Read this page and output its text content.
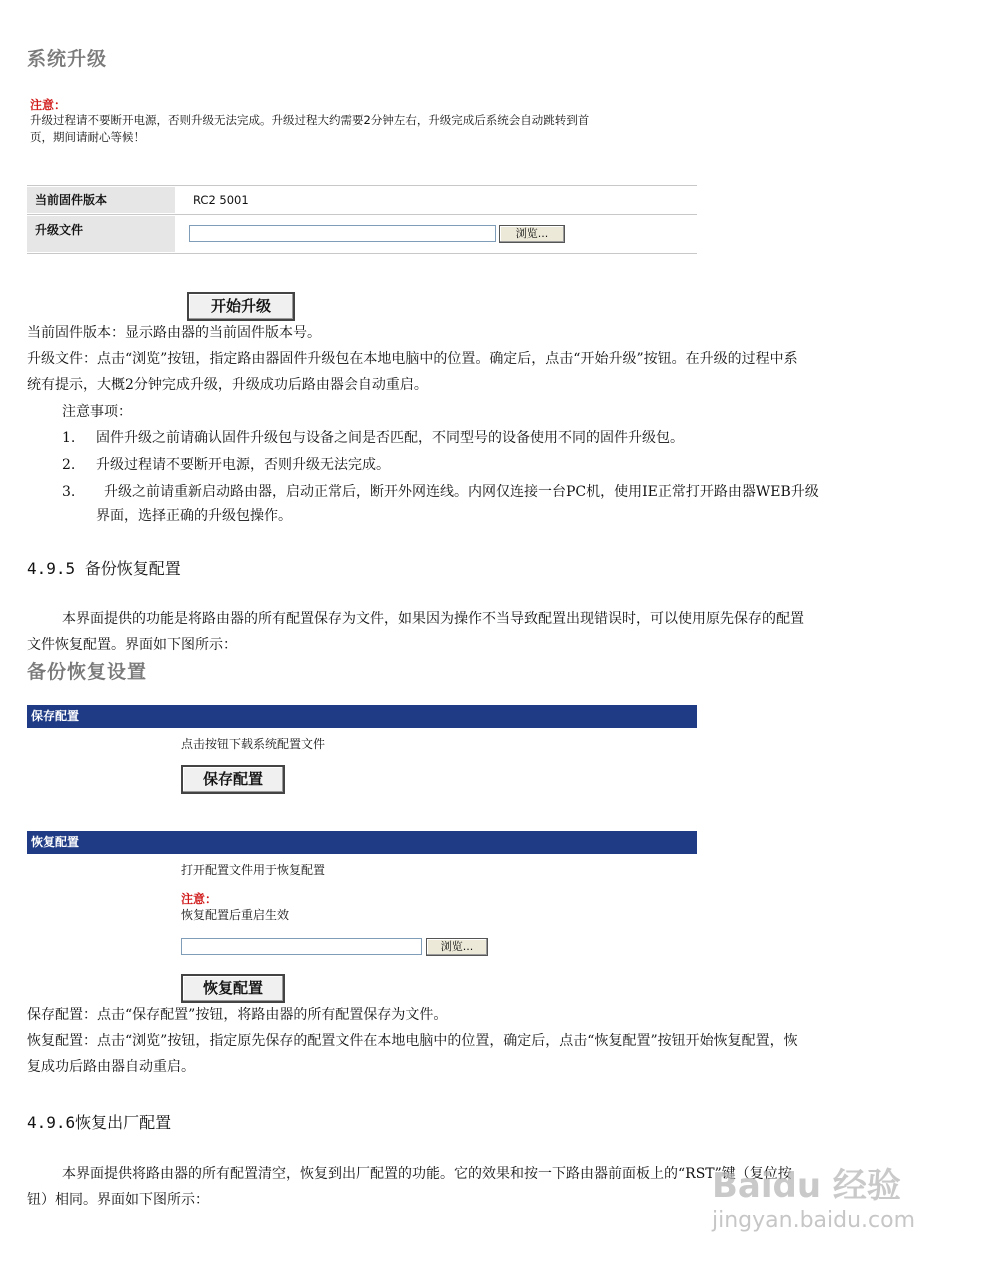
系统升级
注意：
升级过程请不要断开电源，否则升级无法完成。升级过程大约需要2分钟左右，升级完成后系统会自动跳转到首
页，期间请耐心等候！
当前固件版本	RC2 5001
升级文件	浏览...
开始升级
当前固件版本：显示路由器的当前固件版本号。
升级文件：点击“浏览”按钮，指定路由器固件升级包在本地电脑中的位置。确定后，点击“开始升级”按钮。在升级的过程中系
统有提示，大概2分钟完成升级，升级成功后路由器会自动重启。
注意事项：
1. 固件升级之前请确认固件升级包与设备之间是否匹配，不同型号的设备使用不同的固件升级包。
2. 升级过程请不要断开电源，否则升级无法完成。
3. 升级之前请重新启动路由器，启动正常后，断开外网连线。内网仅连接一台PC机，使用IE正常打开路由器WEB升级
界面，选择正确的升级包操作。
4.9.5 备份恢复配置
本界面提供的功能是将路由器的所有配置保存为文件，如果因为操作不当导致配置出现错误时，可以使用原先保存的配置
文件恢复配置。界面如下图所示：
备份恢复设置
保存配置
点击按钮下载系统配置文件
保存配置
恢复配置
打开配置文件用于恢复配置
注意：
恢复配置后重启生效
浏览...
恢复配置
保存配置：点击“保存配置”按钮，将路由器的所有配置保存为文件。
恢复配置：点击“浏览”按钮，指定原先保存的配置文件在本地电脑中的位置，确定后，点击“恢复配置”按钮开始恢复配置，恢
复成功后路由器自动重启。
4.9.6恢复出厂配置
本界面提供将路由器的所有配置清空，恢复到出厂配置的功能。它的效果和按一下路由器前面板上的“RST”键（复位按
钮）相同。界面如下图所示：	Baidu 经验
jingyan.baidu.com
